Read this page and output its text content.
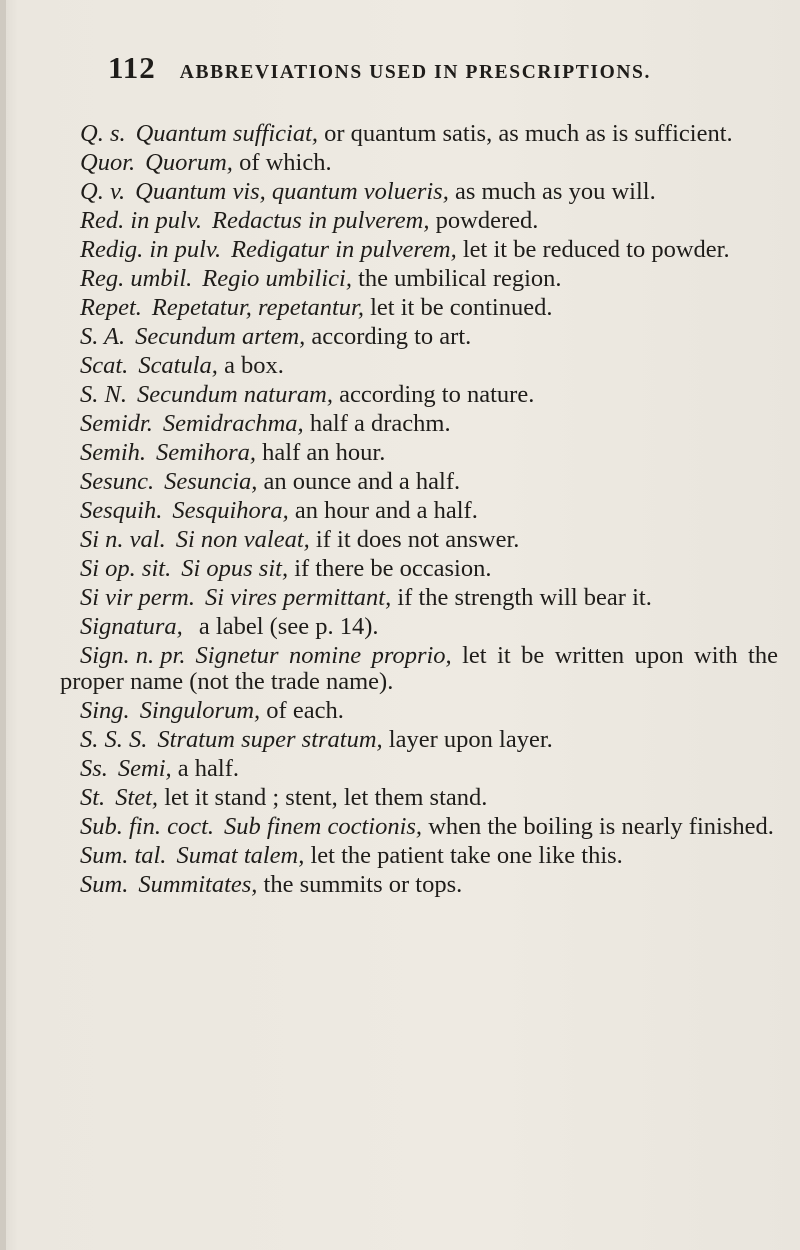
112 ABBREVIATIONS USED IN PRESCRIPTIONS.

Q. s. Quantum sufficiat, or quantum satis, as much as is sufficient.

Quor. Quorum, of which.

Q. v. Quantum vis, quantum volueris, as much as you will.

Red. in pulv. Redactus in pulverem, powdered.

Redig. in pulv. Redigatur in pulverem, let it be reduced to powder.

Reg. umbil. Regio umbilici, the umbilical region.

Repet. Repetatur, repetantur, let it be continued.

S. A. Secundum artem, according to art.

Scat. Scatula, a box.

S. N. Secundum naturam, according to nature.

Semidr. Semidrachma, half a drachm.

Semih. Semihora, half an hour.

Sesunc. Sesuncia, an ounce and a half.

Sesquih. Sesquihora, an hour and a half.

Si n. val. Si non valeat, if it does not answer.

Si op. sit. Si opus sit, if there be occasion.

Si vir perm. Si vires permittant, if the strength will bear it.

Signatura, a label (see p. 14).

Sign. n. pr. Signetur nomine proprio, let it be written upon with the proper name (not the trade name).

Sing. Singulorum, of each.

S. S. S. Stratum super stratum, layer upon layer.

Ss. Semi, a half.

St. Stet, let it stand ; stent, let them stand.

Sub. fin. coct. Sub finem coctionis, when the boiling is nearly finished.

Sum. tal. Sumat talem, let the patient take one like this.

Sum. Summitates, the summits or tops.
